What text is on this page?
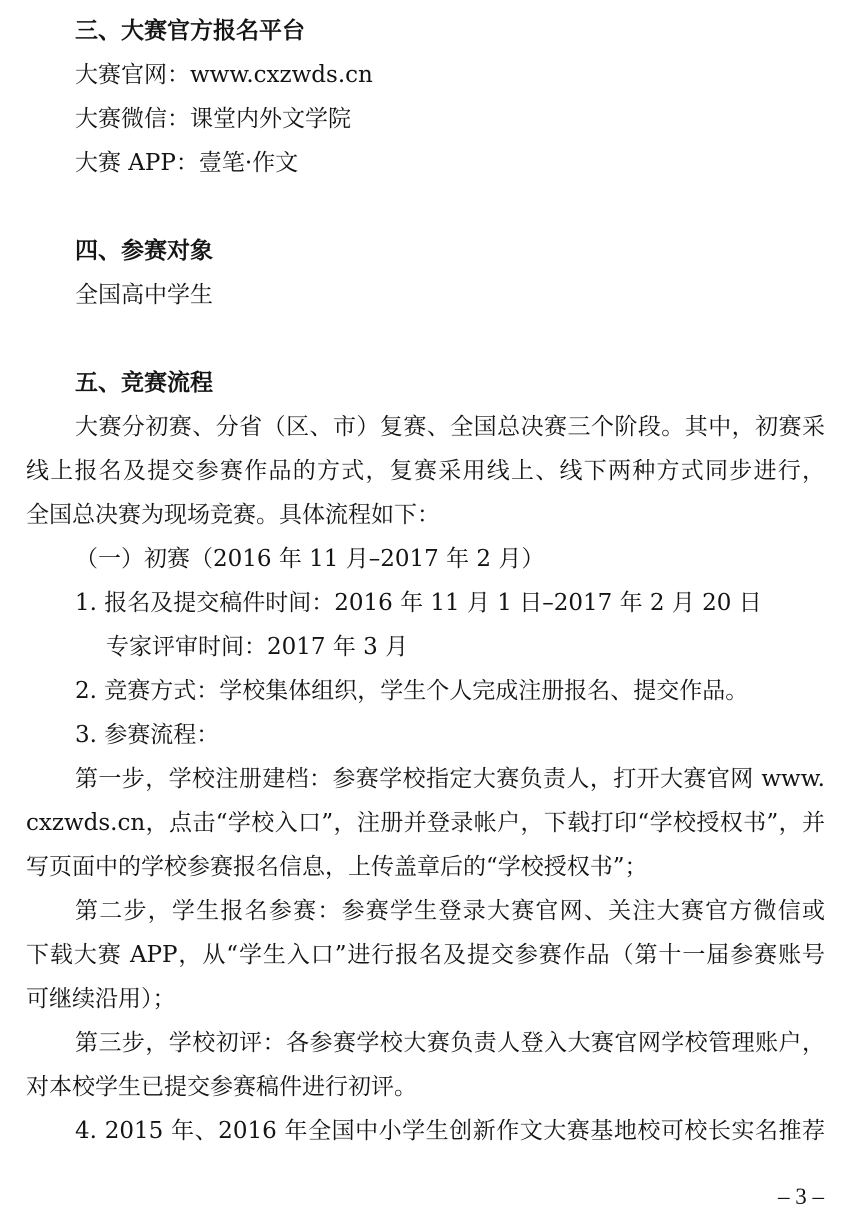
三、大赛官方报名平台
大赛官网：www.cxzwds.cn
大赛微信：课堂内外文学院
大赛 APP：壹笔·作文
四、参赛对象
全国高中学生
五、竞赛流程
大赛分初赛、分省（区、市）复赛、全国总决赛三个阶段。其中，初赛采
线上报名及提交参赛作品的方式，复赛采用线上、线下两种方式同步进行，
全国总决赛为现场竞赛。具体流程如下：
（一）初赛（2016 年 11 月–2017 年 2 月）
1. 报名及提交稿件时间：2016 年 11 月 1 日–2017 年 2 月 20 日
专家评审时间：2017 年 3 月
2. 竞赛方式：学校集体组织，学生个人完成注册报名、提交作品。
3. 参赛流程：
第一步，学校注册建档：参赛学校指定大赛负责人，打开大赛官网 www.
cxzwds.cn，点击“学校入口”，注册并登录帐户，下载打印“学校授权书”，并
写页面中的学校参赛报名信息，上传盖章后的“学校授权书”；
第二步，学生报名参赛：参赛学生登录大赛官网、关注大赛官方微信或
下载大赛 APP，从“学生入口”进行报名及提交参赛作品（第十一届参赛账号
可继续沿用）；
第三步，学校初评：各参赛学校大赛负责人登入大赛官网学校管理账户，
对本校学生已提交参赛稿件进行初评。
4. 2015 年、2016 年全国中小学生创新作文大赛基地校可校长实名推荐
– 3 –
